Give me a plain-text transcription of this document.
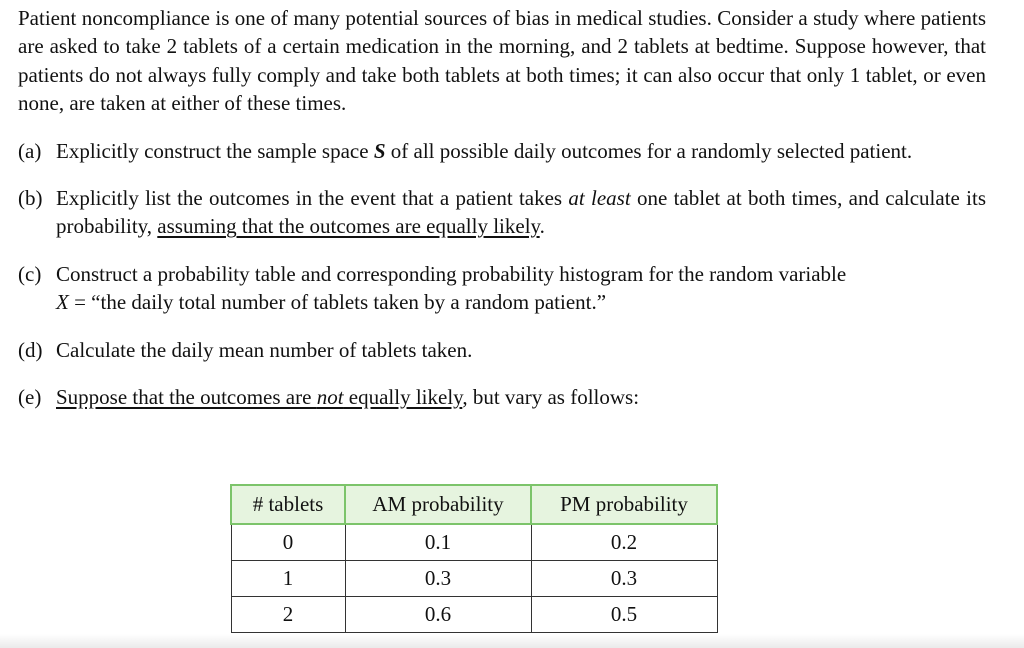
Patient noncompliance is one of many potential sources of bias in medical studies. Consider a study where patients are asked to take 2 tablets of a certain medication in the morning, and 2 tablets at bedtime. Suppose however, that patients do not always fully comply and take both tablets at both times; it can also occur that only 1 tablet, or even none, are taken at either of these times.

(a) Explicitly construct the sample space S of all possible daily outcomes for a randomly selected patient.

(b) Explicitly list the outcomes in the event that a patient takes at least one tablet at both times, and calculate its probability, assuming that the outcomes are equally likely.

(c) Construct a probability table and corresponding probability histogram for the random variable
X = “the daily total number of tablets taken by a random patient.”

(d) Calculate the daily mean number of tablets taken.

(e) Suppose that the outcomes are not equally likely, but vary as follows:

# tablets	AM probability	PM probability
0	0.1	0.2
1	0.3	0.3
2	0.6	0.5
